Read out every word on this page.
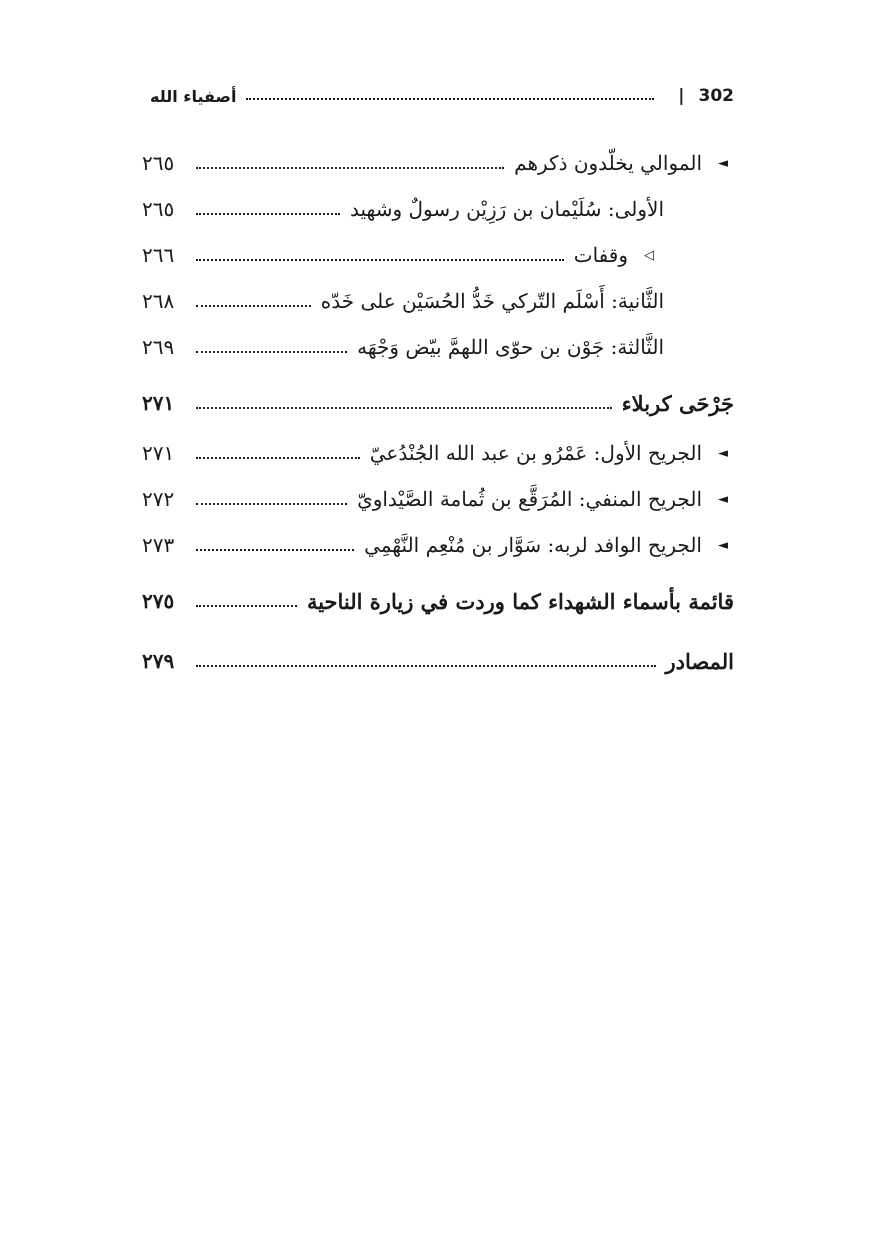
302
|
أصفياء الله
◄
الموالي يخلّدون ذكرهم
٢٦٥
الأولى: سُلَيْمان بن رَزِيْن رسولٌ وشهيد
٢٦٥
◁
وقفات
٢٦٦
الثَّانية: أَسْلَم التّركي خَدُّ الحُسَيْن على خَدّه
٢٦٨
الثَّالثة: جَوْن بن حوّى اللهمَّ بيّض وَجْهَه
٢٦٩
جَرْحَى كربلاء
٢٧١
◄
الجريح الأول: عَمْرُو بن عبد الله الجُنْدُعيّ
٢٧١
◄
الجريح المنفي: المُرَقَّع بن ثُمامة الصَّيْداويّ
٢٧٢
◄
الجريح الوافد لربه: سَوَّار بن مُنْعِم النَّهْمِي
٢٧٣
قائمة بأسماء الشهداء كما وردت في زيارة الناحية
٢٧٥
المصادر
٢٧٩
